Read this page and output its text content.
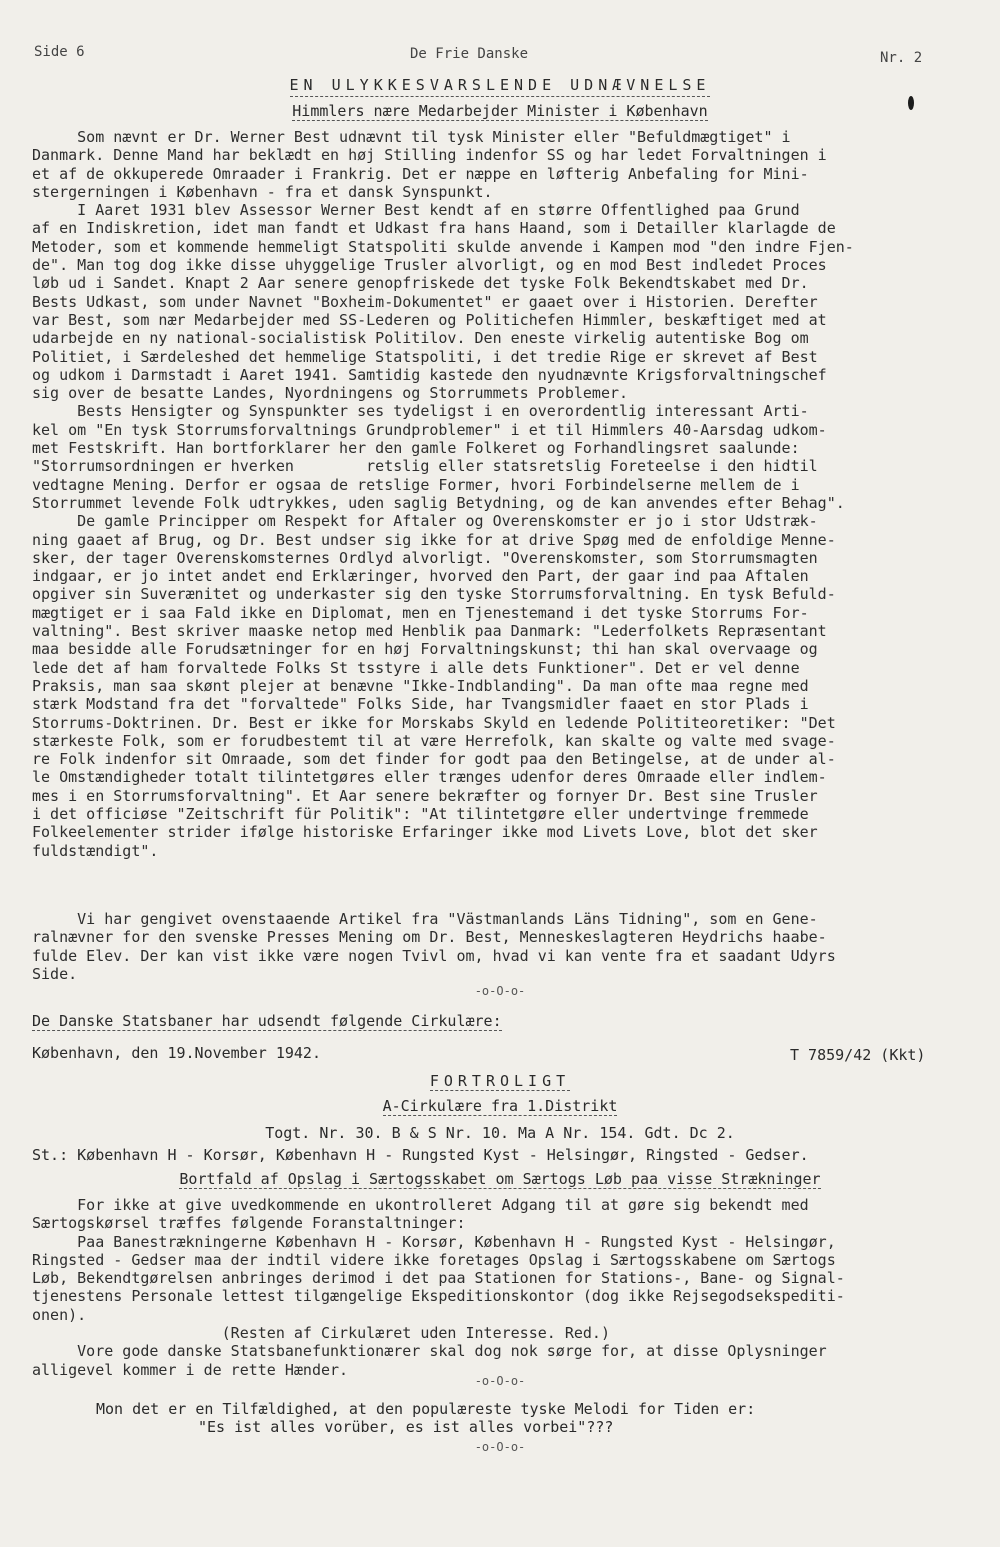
Side 6	De Frie Danske	Nr. 2
EN ULYKKESVARSLENDE UDNÆVNELSE
Himmlers nære Medarbejder Minister i København
Som nævnt er Dr. Werner Best udnævnt til tysk Minister eller "Befuldmægtiget" i
Danmark. Denne Mand har beklædt en høj Stilling indenfor SS og har ledet Forvaltningen i
et af de okkuperede Omraader i Frankrig. Det er næppe en løfterig Anbefaling for Mini-
stergerningen i København - fra et dansk Synspunkt.
I Aaret 1931 blev Assessor Werner Best kendt af en større Offentlighed paa Grund
af en Indiskretion, idet man fandt et Udkast fra hans Haand, som i Detailler klarlagde de
Metoder, som et kommende hemmeligt Statspoliti skulde anvende i Kampen mod "den indre Fjen-
de". Man tog dog ikke disse uhyggelige Trusler alvorligt, og en mod Best indledet Proces
løb ud i Sandet. Knapt 2 Aar senere genopfriskede det tyske Folk Bekendtskabet med Dr.
Bests Udkast, som under Navnet "Boxheim-Dokumentet" er gaaet over i Historien. Derefter
var Best, som nær Medarbejder med SS-Lederen og Politichefen Himmler, beskæftiget med at
udarbejde en ny national-socialistisk Politilov. Den eneste virkelig autentiske Bog om
Politiet, i Særdeleshed det hemmelige Statspoliti, i det tredie Rige er skrevet af Best
og udkom i Darmstadt i Aaret 1941. Samtidig kastede den nyudnævnte Krigsforvaltningschef
sig over de besatte Landes, Nyordningens og Storrummets Problemer.
Bests Hensigter og Synspunkter ses tydeligst i en overordentlig interessant Arti-
kel om "En tysk Storrumsforvaltnings Grundproblemer" i et til Himmlers 40-Aarsdag udkom-
met Festskrift. Han bortforklarer her den gamle Folkeret og Forhandlingsret saalunde:
"Storrumsordningen er hverken        retslig eller statsretslig Foreteelse i den hidtil
vedtagne Mening. Derfor er ogsaa de retslige Former, hvori Forbindelserne mellem de i
Storrummet levende Folk udtrykkes, uden saglig Betydning, og de kan anvendes efter Behag".
De gamle Principper om Respekt for Aftaler og Overenskomster er jo i stor Udstræk-
ning gaaet af Brug, og Dr. Best undser sig ikke for at drive Spøg med de enfoldige Menne-
sker, der tager Overenskomsternes Ordlyd alvorligt. "Overenskomster, som Storrumsmagten
indgaar, er jo intet andet end Erklæringer, hvorved den Part, der gaar ind paa Aftalen
opgiver sin Suverænitet og underkaster sig den tyske Storrumsforvaltning. En tysk Befuld-
mægtiget er i saa Fald ikke en Diplomat, men en Tjenestemand i det tyske Storrums For-
valtning". Best skriver maaske netop med Henblik paa Danmark: "Lederfolkets Repræsentant
maa besidde alle Forudsætninger for en høj Forvaltningskunst; thi han skal overvaage og
lede det af ham forvaltede Folks St tsstyre i alle dets Funktioner". Det er vel denne
Praksis, man saa skønt plejer at benævne "Ikke-Indblanding". Da man ofte maa regne med
stærk Modstand fra det "forvaltede" Folks Side, har Tvangsmidler faaet en stor Plads i
Storrums-Doktrinen. Dr. Best er ikke for Morskabs Skyld en ledende Polititeoretiker: "Det
stærkeste Folk, som er forudbestemt til at være Herrefolk, kan skalte og valte med svage-
re Folk indenfor sit Omraade, som det finder for godt paa den Betingelse, at de under al-
le Omstændigheder totalt tilintetgøres eller trænges udenfor deres Omraade eller indlem-
mes i en Storrumsforvaltning". Et Aar senere bekræfter og fornyer Dr. Best sine Trusler
i det officiøse "Zeitschrift für Politik": "At tilintetgøre eller undertvinge fremmede
Folkeelementer strider ifølge historiske Erfaringer ikke mod Livets Love, blot det sker
fuldstændigt".
Vi har gengivet ovenstaaende Artikel fra "Västmanlands Läns Tidning", som en Gene-
ralnævner for den svenske Presses Mening om Dr. Best, Menneskeslagteren Heydrichs haabe-
fulde Elev. Der kan vist ikke være nogen Tvivl om, hvad vi kan vente fra et saadant Udyrs
Side.
-o-O-o-
De Danske Statsbaner har udsendt følgende Cirkulære:
København, den 19.November 1942.	T 7859/42 (Kkt)
FORTROLIGT
A-Cirkulære fra 1.Distrikt
Togt. Nr. 30. B & S Nr. 10. Ma A Nr. 154. Gdt. Dc 2.
St.: København H - Korsør, København H - Rungsted Kyst - Helsingør, Ringsted - Gedser.
Bortfald af Opslag i Særtogsskabet om Særtogs Løb paa visse Strækninger
For ikke at give uvedkommende en ukontrolleret Adgang til at gøre sig bekendt med
Særtogskørsel træffes følgende Foranstaltninger:
Paa Banestrækningerne København H - Korsør, København H - Rungsted Kyst - Helsingør,
Ringsted - Gedser maa der indtil videre ikke foretages Opslag i Særtogsskabene om Særtogs
Løb, Bekendtgørelsen anbringes derimod i det paa Stationen for Stations-, Bane- og Signal-
tjenestens Personale lettest tilgængelige Ekspeditionskontor (dog ikke Rejsegodsekspediti-
onen).
(Resten af Cirkulæret uden Interesse. Red.)
Vore gode danske Statsbanefunktionærer skal dog nok sørge for, at disse Oplysninger
alligevel kommer i de rette Hænder.
-o-O-o-
Mon det er en Tilfældighed, at den populæreste tyske Melodi for Tiden er:
"Es ist alles vorüber, es ist alles vorbei"???
-o-O-o-
